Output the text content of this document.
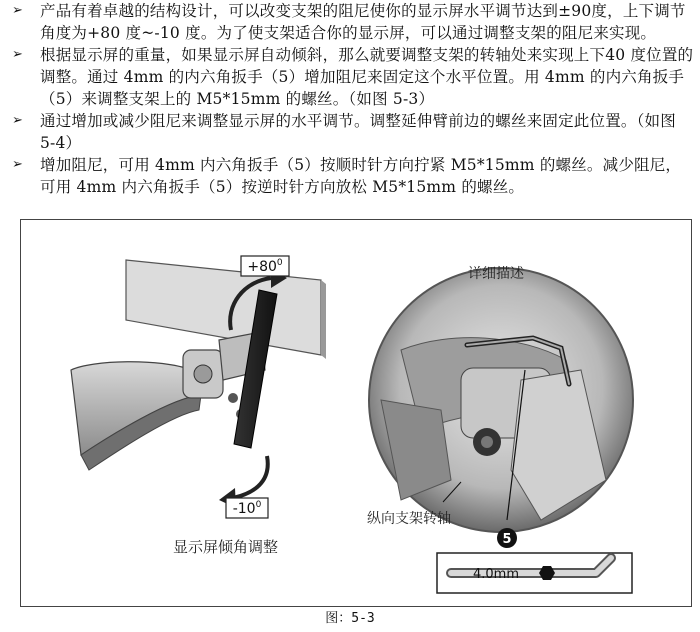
➢ 产品有着卓越的结构设计，可以改变支架的阻尼使你的显示屏水平调节达到±90度，上下调节角度为+80 度~-10 度。为了使支架适合你的显示屏，可以通过调整支架的阻尼来实现。
➢ 根据显示屏的重量，如果显示屏自动倾斜，那么就要调整支架的转轴处来实现上下40 度位置的调整。通过 4mm 的内六角扳手（5）增加阻尼来固定这个水平位置。用 4mm 的内六角扳手（5）来调整支架上的 M5*15mm 的螺丝。（如图 5-3）
➢ 通过增加或减少阻尼来调整显示屏的水平调节。调整延伸臂前边的螺丝来固定此位置。（如图 5-4）
➢ 增加阻尼，可用 4mm 内六角扳手（5）按顺时针方向拧紧 M5*15mm 的螺丝。减少阻尼，可用 4mm 内六角扳手（5）按逆时针方向放松 M5*15mm 的螺丝。
$+80^0$
$-10^0$
显示屏倾角调整
详细描述
5
纵向支架转轴
4.0mm
图：5-3
